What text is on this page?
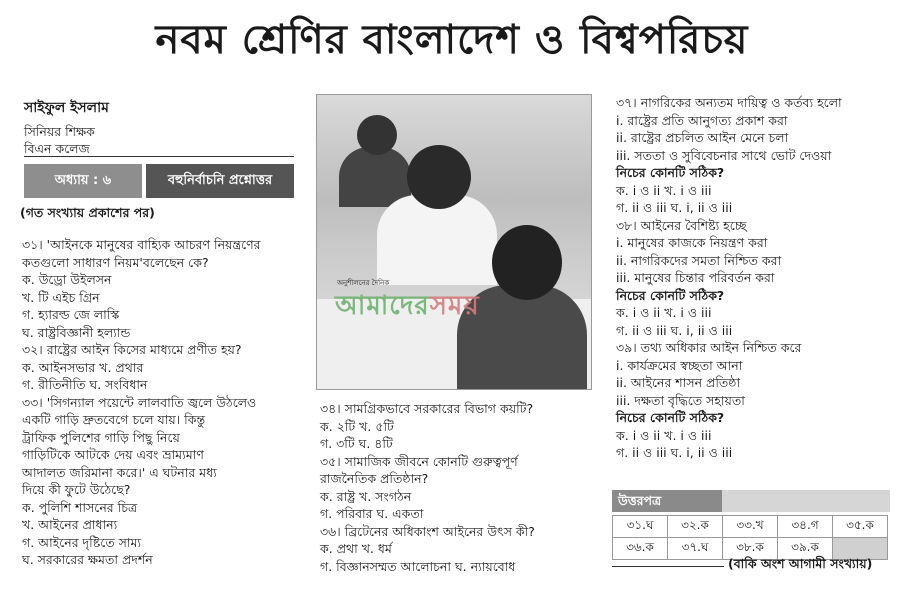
নবম শ্রেণির বাংলাদেশ ও বিশ্বপরিচয়
সাইফুল ইসলাম
সিনিয়র শিক্ষক
বিএন কলেজ
অধ্যায় : ৬	বহুনির্বাচনি প্রশ্নোত্তর
(গত সংখ্যায় প্রকাশের পর)
৩১। 'আইনকে মানুষের বাহ্যিক আচরণ নিয়ন্ত্রণের
কতগুলো সাধারণ নিয়ম'বলেছেন কে?
ক. উড্রো উইলসন
খ. টি এইচ গ্রিন
গ. হ্যারল্ড জে লাস্কি
ঘ. রাষ্ট্রবিজ্ঞানী হল্যান্ড
৩২। রাষ্ট্রের আইন কিসের মাধ্যমে প্রণীত হয়?
ক. আইনসভার খ. প্রথার
গ. রীতিনীতি ঘ. সংবিধান
৩৩। 'সিগন্যাল পয়েন্টে লালবাতি জ্বলে উঠলেও
একটি গাড়ি দ্রুতবেগে চলে যায়। কিন্তু
ট্রাফিক পুলিশের গাড়ি পিছু নিয়ে
গাড়িটিকে আটকে দেয় এবং ভ্রাম্যমাণ
আদালত জরিমানা করে।' এ ঘটনার মধ্য
দিয়ে কী ফুটে উঠেছে?
ক. পুলিশি শাসনের চিত্র
খ. আইনের প্রাধান্য
গ. আইনের দৃষ্টিতে সাম্য
ঘ. সরকারের ক্ষমতা প্রদর্শন
অনুশীলনের দৈনিক
আমাদেরসময়
৩৪। সামগ্রিকভাবে সরকারের বিভাগ কয়টি?
ক. ২টি খ. ৫টি
গ. ৩টি ঘ. ৪টি
৩৫। সামাজিক জীবনে কোনটি গুরুত্বপূর্ণ
রাজনৈতিক প্রতিষ্ঠান?
ক. রাষ্ট্র খ. সংগঠন
গ. পরিবার ঘ. একতা
৩৬। ব্রিটেনের অধিকাংশ আইনের উৎস কী?
ক. প্রথা খ. ধর্ম
গ. বিজ্ঞানসম্মত আলোচনা ঘ. ন্যায়বোধ
৩৭। নাগরিকের অন্যতম দায়িত্ব ও কর্তব্য হলো
i. রাষ্ট্রের প্রতি আনুগত্য প্রকাশ করা
ii. রাষ্ট্রের প্রচলিত আইন মেনে চলা
iii. সততা ও সুবিবেচনার সাথে ভোট দেওয়া
নিচের কোনটি সঠিক?
ক. i ও ii খ. i ও iii
গ. ii ও iii ঘ. i, ii ও iii
৩৮। আইনের বৈশিষ্ট্য হচ্ছে
i. মানুষের কাজকে নিয়ন্ত্রণ করা
ii. নাগরিকদের সমতা নিশ্চিত করা
iii. মানুষের চিন্তার পরিবর্তন করা
নিচের কোনটি সঠিক?
ক. i ও ii খ. i ও iii
গ. ii ও iii ঘ. i, ii ও iii
৩৯। তথ্য অধিকার আইন নিশ্চিত করে
i. কার্যক্রমের স্বচ্ছতা আনা
ii. আইনের শাসন প্রতিষ্ঠা
iii. দক্ষতা বৃদ্ধিতে সহায়তা
নিচের কোনটি সঠিক?
ক. i ও ii খ. i ও iii
গ. ii ও iii ঘ. i, ii ও iii
উত্তরপত্র
৩১.ঘ	৩২.ক	৩৩.খ	৩৪.গ	৩৫.ক
৩৬.ক	৩৭.ঘ	৩৮.ক	৩৯.ক	
(বাকি অংশ আগামী সংখ্যায়)
